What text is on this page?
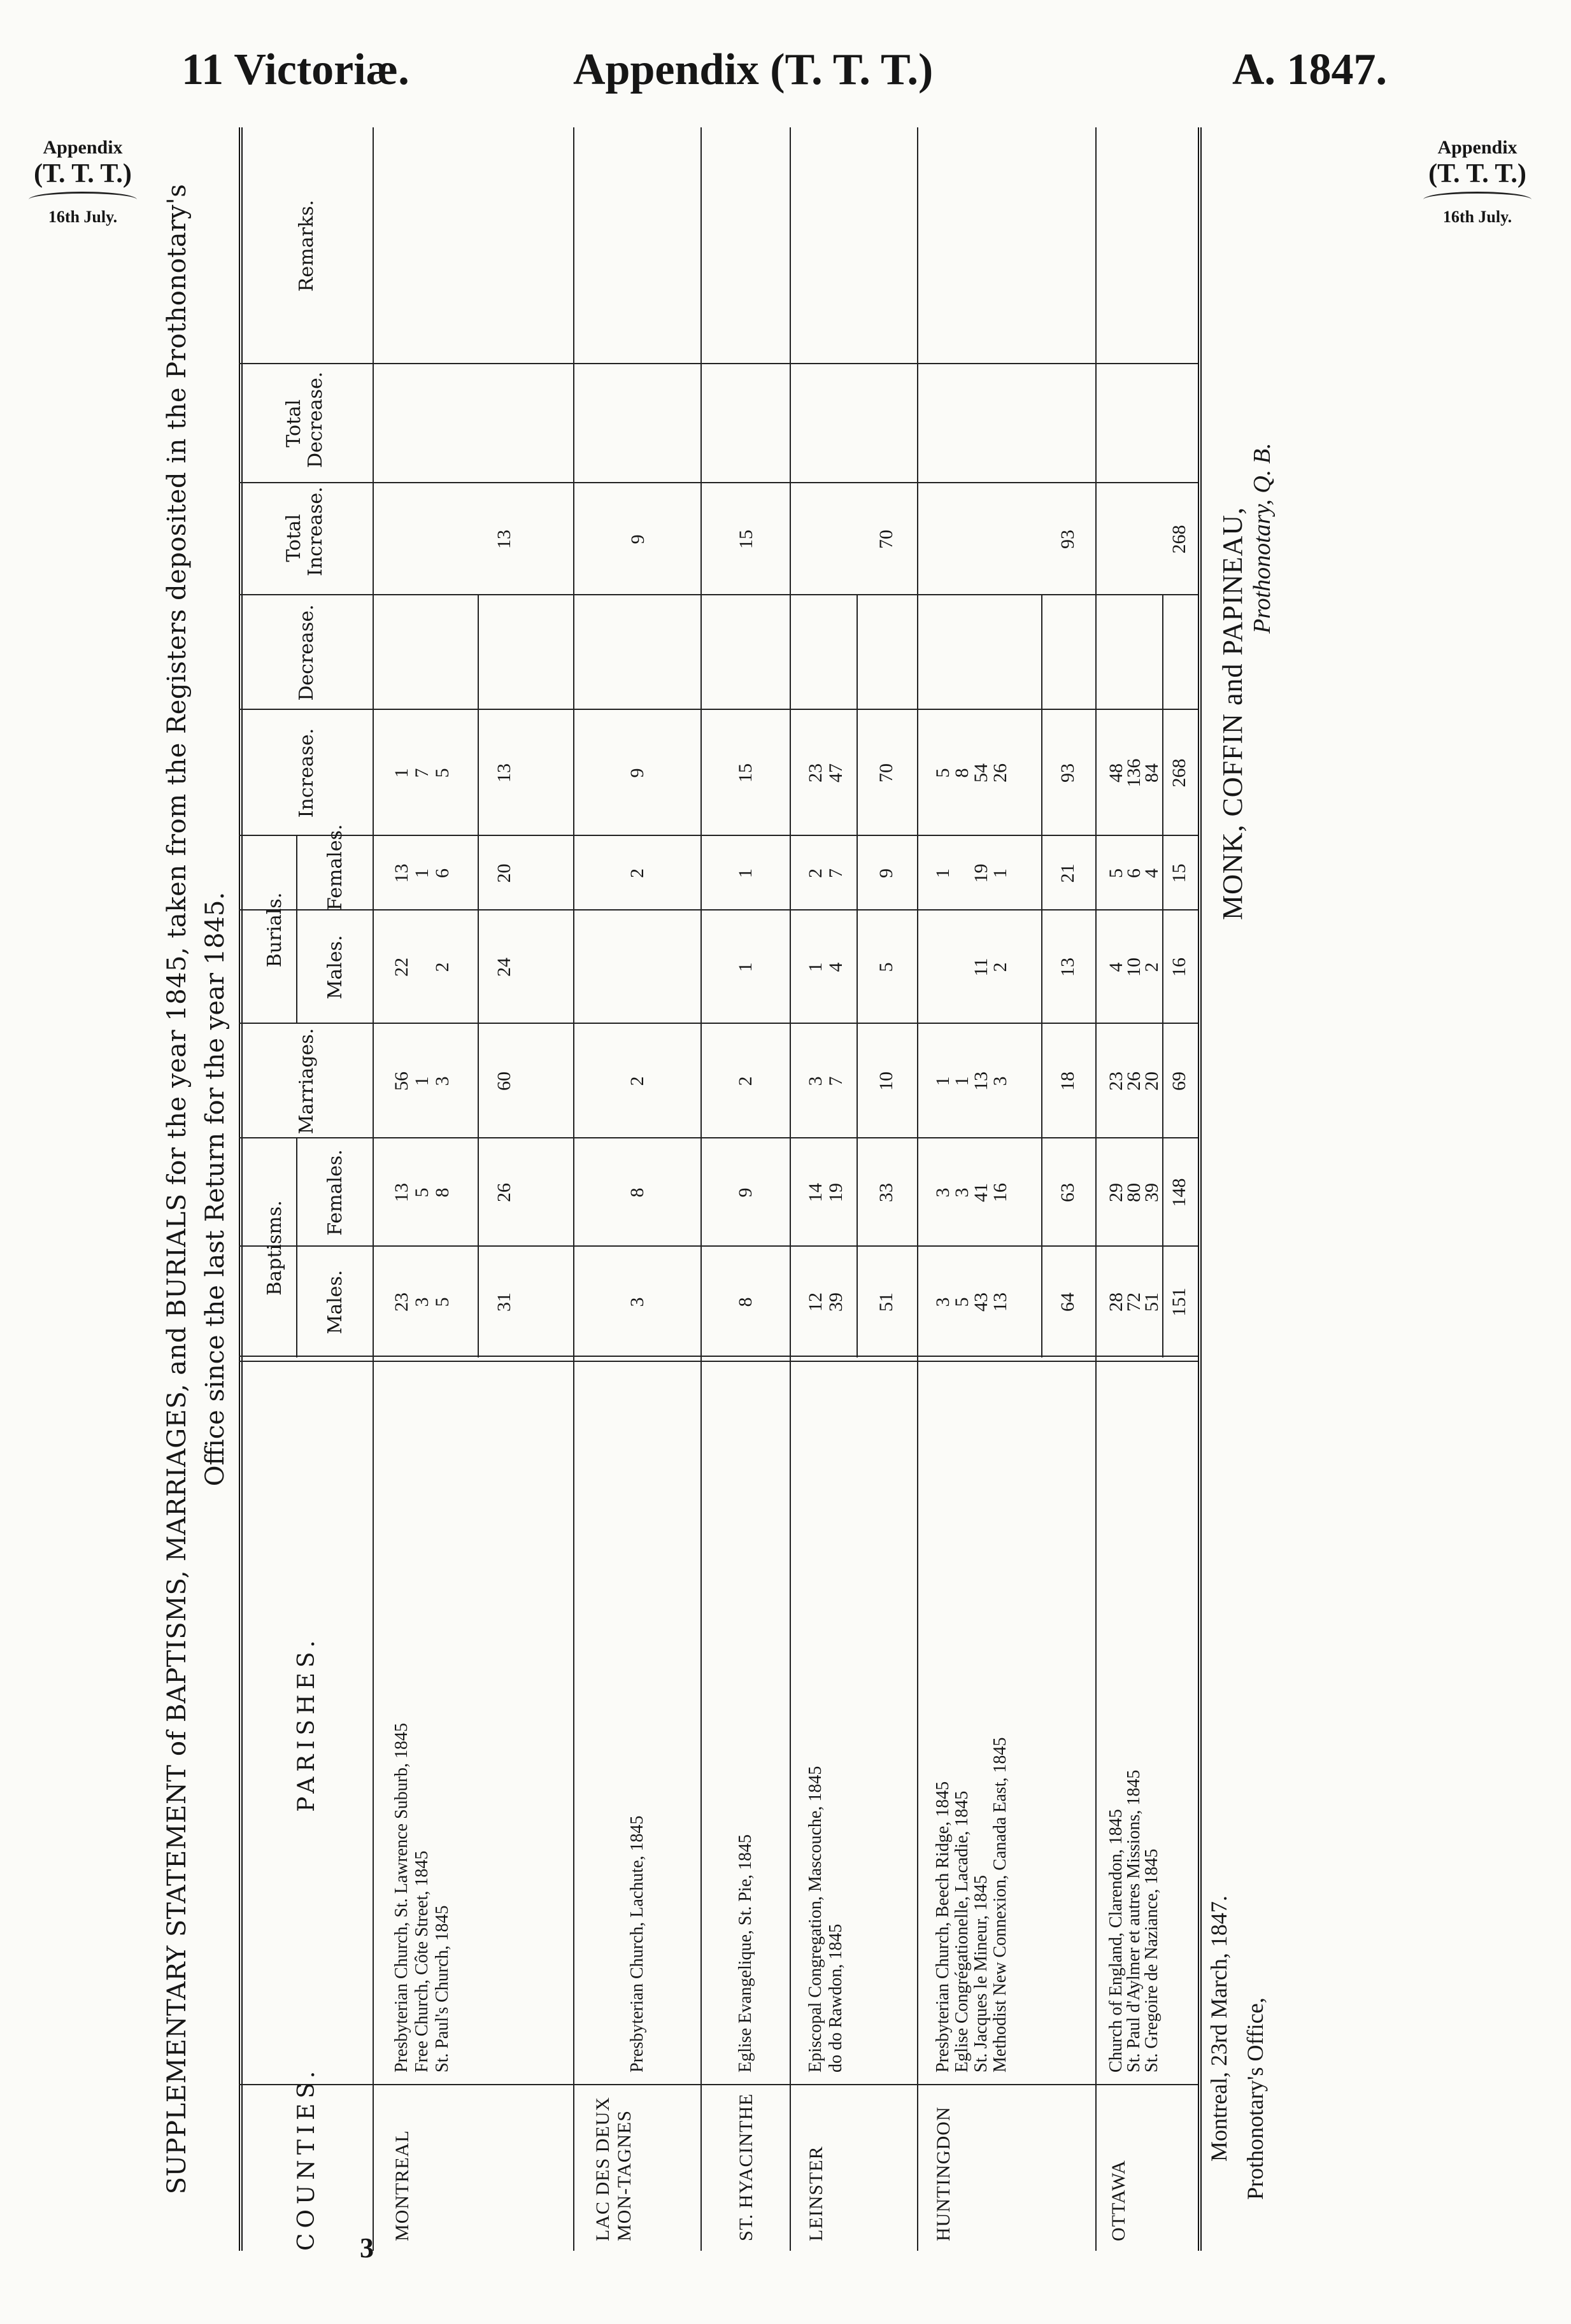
11 Victoriæ.	Appendix (T. T. T.)	A. 1847.
Appendix
(T. T. T.)
16th July.
Appendix
(T. T. T.)
16th July.
3
SUPPLEMENTARY STATEMENT of BAPTISMS, MARRIAGES, and BURIALS for the year 1845, taken from the Registers deposited in the Prothonotary's Office since the last Return for the year 1845.
COUNTIES.
PARISHES.
Baptisms.
Males.
Females.
Marriages.
Burials. Males.
Females.
Increase.
Decrease.
Total Increase.
Total Decrease.
Remarks.
MONTREAL
Presbyterian Church, St. Lawrence Suburb, 1845 Free Church, Côte Street, 1845 St. Paul's Church, 1845
23 3 5
13 5 8
56 1 3
22 2
13 1 6
1 7 5
31
26
60
24
20
13
13
LAC DES DEUX MON-TAGNES
Presbyterian Church, Lachute, 1845
3
8
2
2
9
9
ST. HYACINTHE
Eglise Evangelique, St. Pie, 1845
8
9
2
1
1
15
15
LEINSTER
Episcopal Congregation, Mascouche, 1845 do do Rawdon, 1845
12 39
14 19
3 7
1 4
2 7
23 47
51
33
10
5
9
70
70
HUNTINGDON
Presbyterian Church, Beech Ridge, 1845 Eglise Congrégationelle, Lacadie, 1845 St. Jacques le Mineur, 1845 Methodist New Connexion, Canada East, 1845
3
5
43
13
3
3
41
16
1
1
13
3
11
2
1 19
1
5
8
54
26
64
63
18
13
21
93
93
OTTAWA
Church of England, Clarendon, 1845
St. Paul d'Aylmer et autres Missions, 1845
St. Gregoire de Naziance, 1845
28
72
51
29
80
39
23
26
20
4
10
2
5
6
4
48
136
84
151
148
69
16
15
268
268
Prothonotary's Office,
Montreal, 23rd March, 1847.
MONK, COFFIN and PAPINEAU, Prothonotary, Q. B.
